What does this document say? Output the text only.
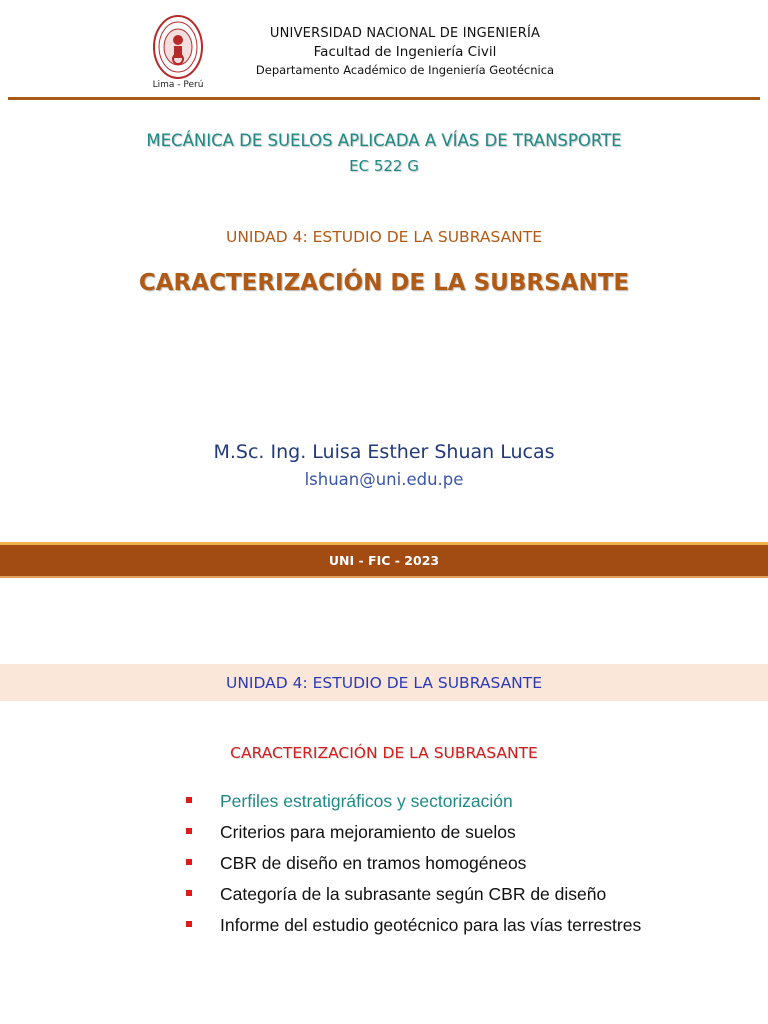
Lima - Perú
UNIVERSIDAD NACIONAL DE INGENIERÍA
Facultad de Ingeniería Civil
Departamento Académico de Ingeniería Geotécnica
MECÁNICA DE SUELOS APLICADA A VÍAS DE TRANSPORTE
EC 522 G
UNIDAD 4: ESTUDIO DE LA SUBRASANTE
CARACTERIZACIÓN DE LA SUBRSANTE
M.Sc. Ing. Luisa Esther Shuan Lucas
lshuan@uni.edu.pe
UNI - FIC - 2023
UNIDAD 4: ESTUDIO DE LA SUBRASANTE
CARACTERIZACIÓN DE LA SUBRASANTE
Perfiles estratigráficos y sectorización
Criterios para mejoramiento de suelos
CBR de diseño en tramos homogéneos
Categoría de la subrasante según CBR de diseño
Informe del estudio geotécnico para las vías terrestres
